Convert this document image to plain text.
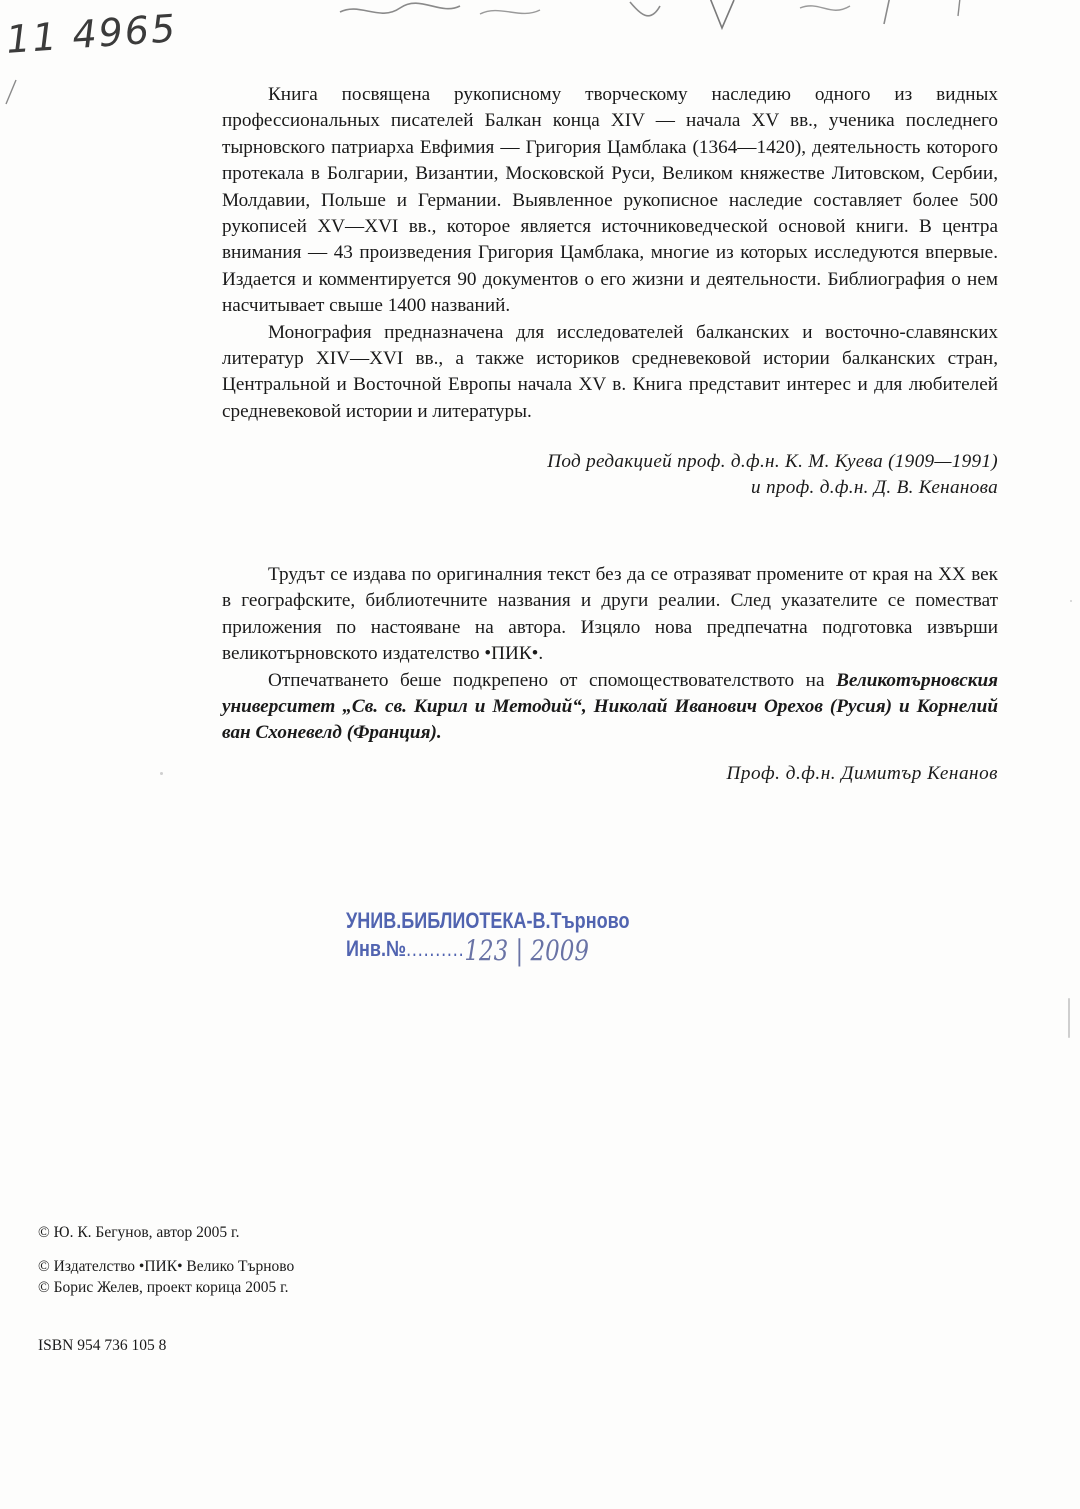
11 4965

Книга посвящена рукописному творческому наследию одного из видных профессиональных писателей Балкан конца XIV — начала XV вв., ученика последнего тырновского патриарха Евфимия — Григория Цамблака (1364—1420), деятельность которого протекала в Болгарии, Византии, Московской Руси, Великом княжестве Литовском, Сербии, Молдавии, Польше и Германии. Выявленное рукописное наследие составляет более 500 рукописей XV—XVI вв., которое является источниковедческой основой книги. В центра внимания — 43 произведения Григория Цамблака, многие из которых исследуются впервые. Издается и комментируется 90 документов о его жизни и деятельности. Библиография о нем насчитывает свыше 1400 названий.

Монография предназначена для исследователей балканских и восточно-славянских литератур XIV—XVI вв., а также историков средневековой истории балканских стран, Центральной и Восточной Европы начала XV в. Книга представит интерес и для любителей средневековой истории и литературы.

Под редакцией проф. д.ф.н. К. М. Куева (1909—1991)
и проф. д.ф.н. Д. В. Кенанова

Трудът се издава по оригиналния текст без да се отразяват промените от края на XX век в географските, библиотечните названия и други реалии. След указателите се поместват приложения по настояване на автора. Изцяло нова предпечатна подготовка извърши великотърновското издателство •ПИК•.

Отпечатването беше подкрепено от спомоществователството на Великотърновския университет „Св. св. Кирил и Методий“, Николай Иванович Орехов (Русия) и Корнелий ван Схоневелд (Франция).

Проф. д.ф.н. Димитър Кенанов
УНИВ.БИБЛИОТЕКА-В.Търново
Инв.№..........123 | 2009
© Ю. К. Бегунов, автор 2005 г.
© Издателство •ПИК• Велико Търново
© Борис Желев, проект корица 2005 г.
ISBN 954 736 105 8
